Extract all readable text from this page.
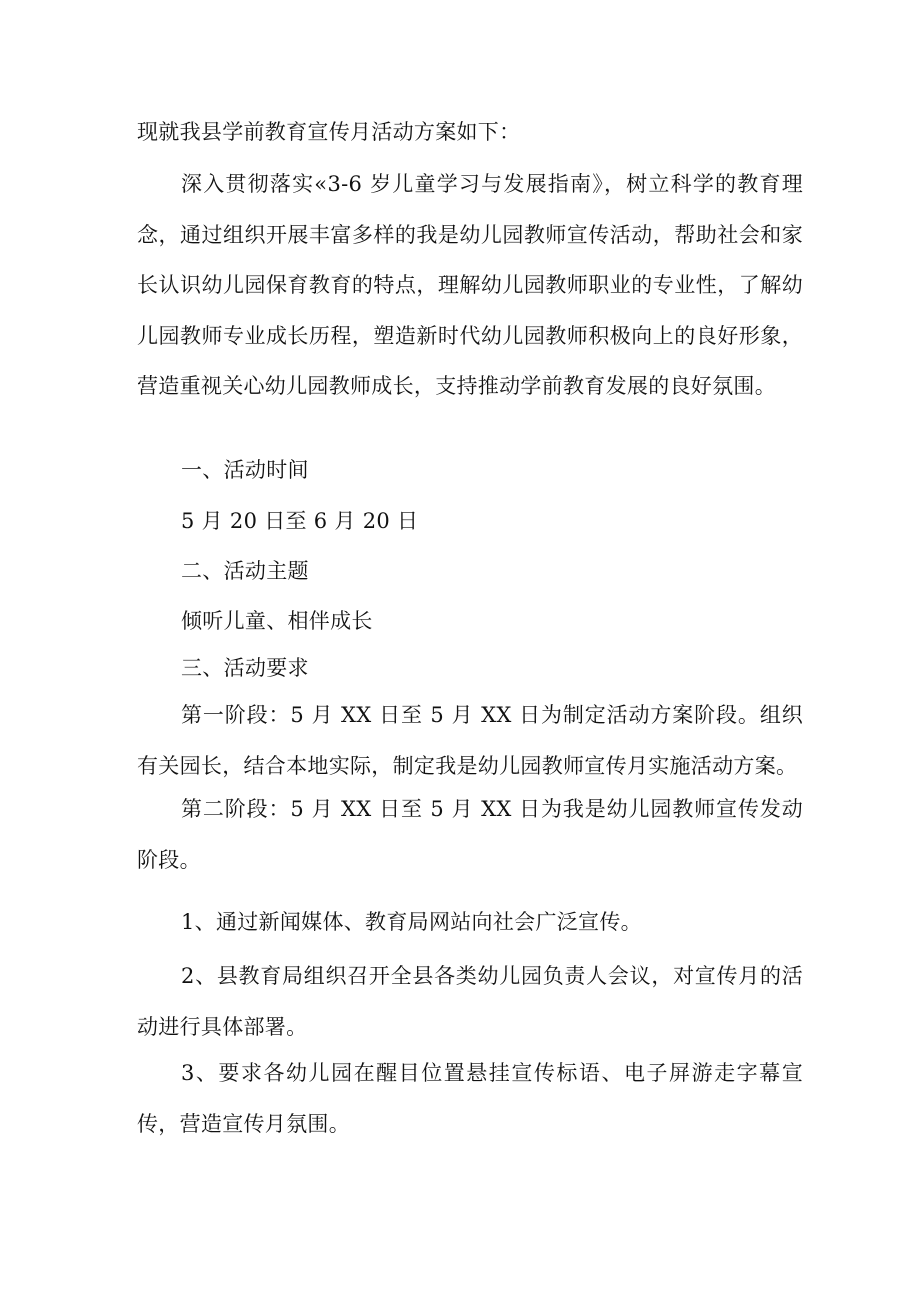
现就我县学前教育宣传月活动方案如下：

深入贯彻落实«3-6 岁儿童学习与发展指南》，树立科学的教育理念，通过组织开展丰富多样的我是幼儿园教师宣传活动，帮助社会和家长认识幼儿园保育教育的特点，理解幼儿园教师职业的专业性，了解幼儿园教师专业成长历程，塑造新时代幼儿园教师积极向上的良好形象，营造重视关心幼儿园教师成长，支持推动学前教育发展的良好氛围。

一、活动时间

5 月 20 日至 6 月 20 日

二、活动主题

倾听儿童、相伴成长

三、活动要求

第一阶段：5 月 XX 日至 5 月 XX 日为制定活动方案阶段。组织有关园长，结合本地实际，制定我是幼儿园教师宣传月实施活动方案。

第二阶段：5 月 XX 日至 5 月 XX 日为我是幼儿园教师宣传发动阶段。

1、通过新闻媒体、教育局网站向社会广泛宣传。

2、县教育局组织召开全县各类幼儿园负责人会议，对宣传月的活动进行具体部署。

3、要求各幼儿园在醒目位置悬挂宣传标语、电子屏游走字幕宣传，营造宣传月氛围。
